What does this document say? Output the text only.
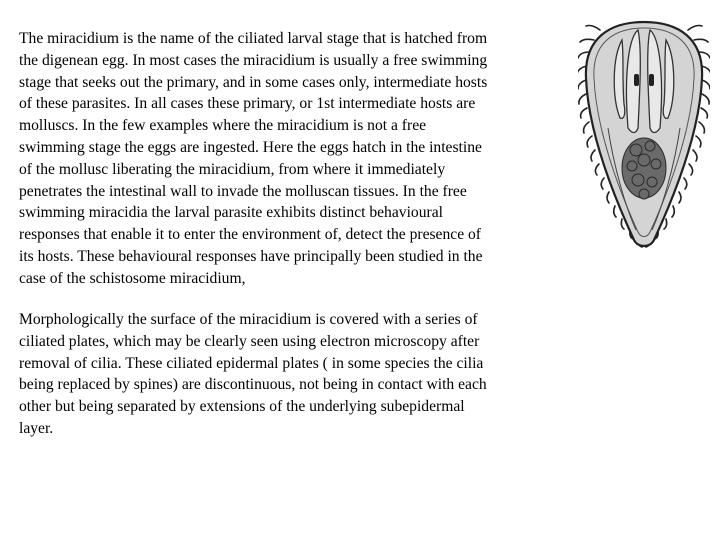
The miracidium is the name of the ciliated larval stage that is hatched from
the digenean egg. In most cases the miracidium is usually a free swimming
stage that seeks out the primary, and in some cases only, intermediate hosts
of these parasites. In all cases these primary, or 1st intermediate hosts are
molluscs. In the few examples where the miracidium is not a free
swimming stage the eggs are ingested. Here the eggs hatch in the intestine
of the mollusc liberating the miracidium, from where it immediately
penetrates the intestinal wall to invade the molluscan tissues. In the free
swimming miracidia the larval parasite exhibits distinct behavioural
responses that enable it to enter the environment of, detect the presence of
its hosts. These behavioural responses have principally been studied in the
case of the schistosome miracidium,
Morphologically the surface of the miracidium is covered with a series of
ciliated plates, which may be clearly seen using electron microscopy after
removal of cilia. These ciliated epidermal plates ( in some species the cilia
being replaced by spines) are discontinuous, not being in contact with each
other but being separated by extensions of the underlying subepidermal
layer.
